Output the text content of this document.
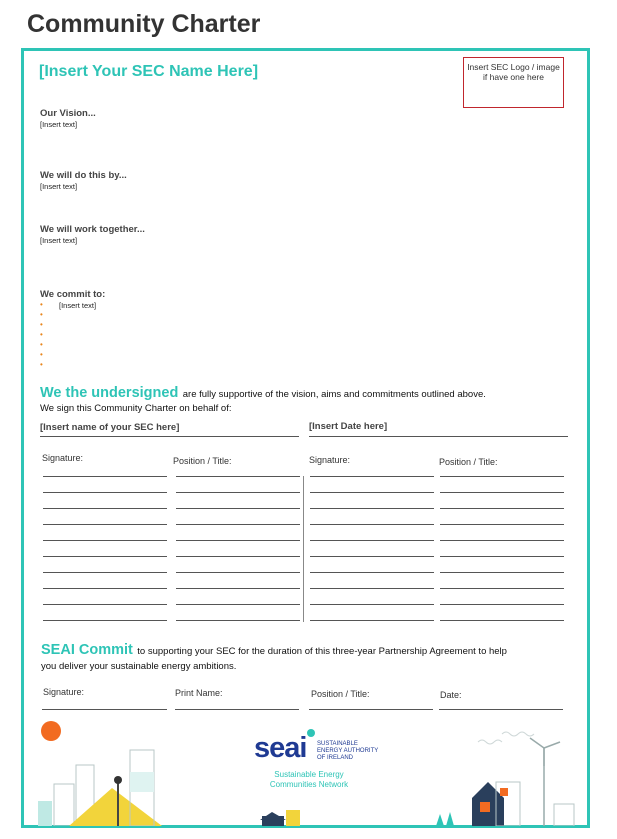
Community Charter
[Insert Your SEC Name Here]	Insert SEC Logo / image if have one here
Our Vision...
[Insert text]
We will do this by...
[Insert text]
We will work together...
[Insert text]
We commit to:
[Insert text]
•
•
•
•
•
•
•
We the undersigned are fully supportive of the vision, aims and commitments outlined above.
We sign this Community Charter on behalf of:
[Insert name of your SEC here]	[Insert Date here]
Signature:	Position / Title:	Signature:	Position / Title:
SEAI Commit to supporting your SEC for the duration of this three-year Partnership Agreement to help
you deliver your sustainable energy ambitions.
Signature:	Print Name:	Position / Title:	Date:
seai SUSTAINABLE
ENERGY AUTHORITY
OF IRELAND
Sustainable Energy
Communities Network
